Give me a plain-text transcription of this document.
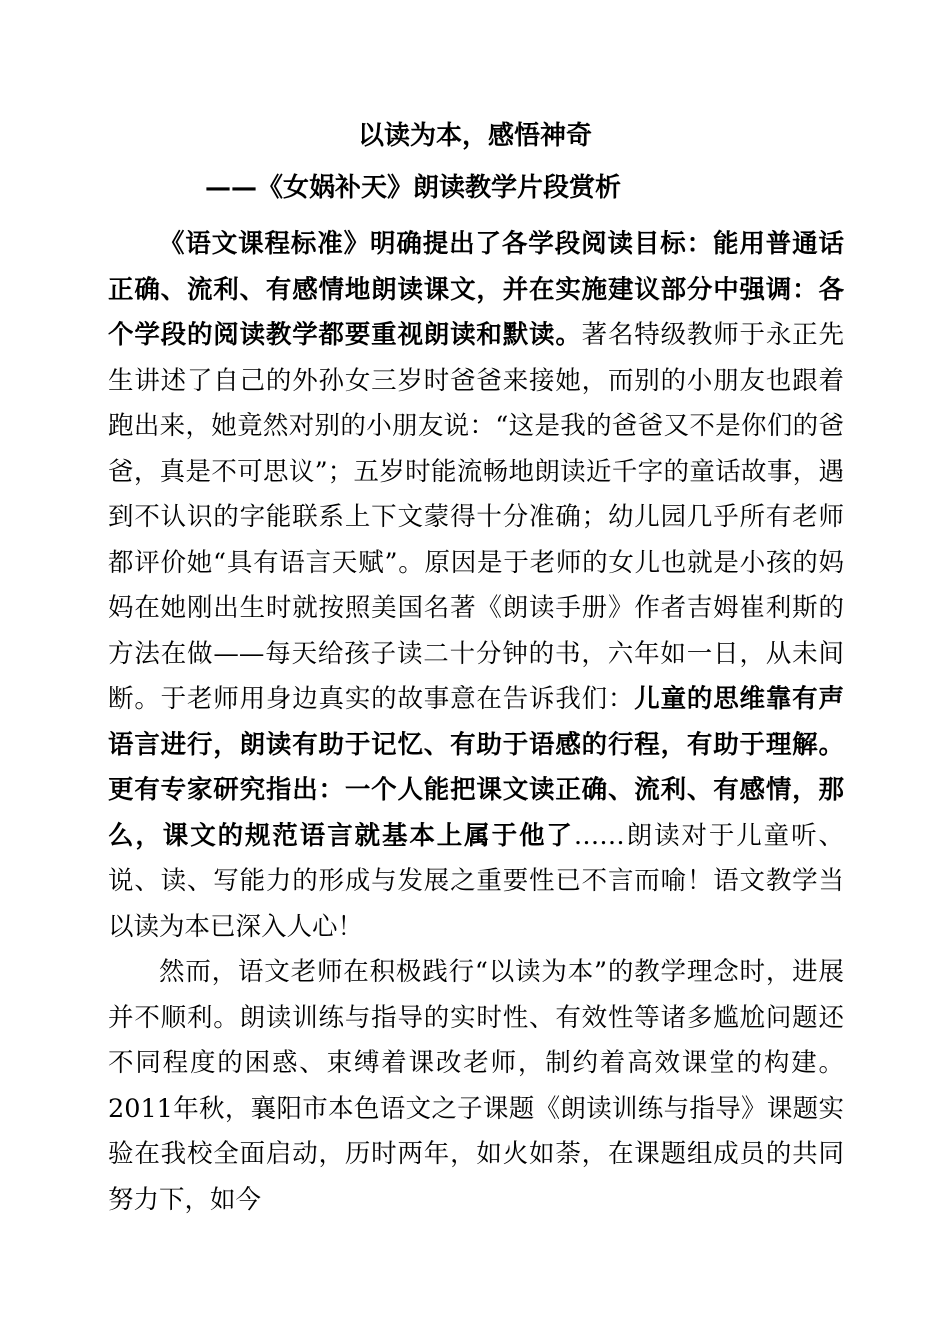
以读为本，感悟神奇
——《女娲补天》朗读教学片段赏析

《语文课程标准》明确提出了各学段阅读目标：能用普通话正确、流利、有感情地朗读课文，并在实施建议部分中强调：各个学段的阅读教学都要重视朗读和默读。著名特级教师于永正先生讲述了自己的外孙女三岁时爸爸来接她，而别的小朋友也跟着跑出来，她竟然对别的小朋友说：“这是我的爸爸又不是你们的爸爸，真是不可思议”；五岁时能流畅地朗读近千字的童话故事，遇到不认识的字能联系上下文蒙得十分准确；幼儿园几乎所有老师都评价她“具有语言天赋”。原因是于老师的女儿也就是小孩的妈妈在她刚出生时就按照美国名著《朗读手册》作者吉姆崔利斯的方法在做——每天给孩子读二十分钟的书，六年如一日，从未间断。于老师用身边真实的故事意在告诉我们：儿童的思维靠有声语言进行，朗读有助于记忆、有助于语感的行程，有助于理解。更有专家研究指出：一个人能把课文读正确、流利、有感情，那么，课文的规范语言就基本上属于他了……朗读对于儿童听、说、读、写能力的形成与发展之重要性已不言而喻！语文教学当以读为本已深入人心！

然而，语文老师在积极践行“以读为本”的教学理念时，进展并不顺利。朗读训练与指导的实时性、有效性等诸多尴尬问题还不同程度的困惑、束缚着课改老师，制约着高效课堂的构建。2011年秋，襄阳市本色语文之子课题《朗读训练与指导》课题实验在我校全面启动，历时两年，如火如荼，在课题组成员的共同努力下，如今
